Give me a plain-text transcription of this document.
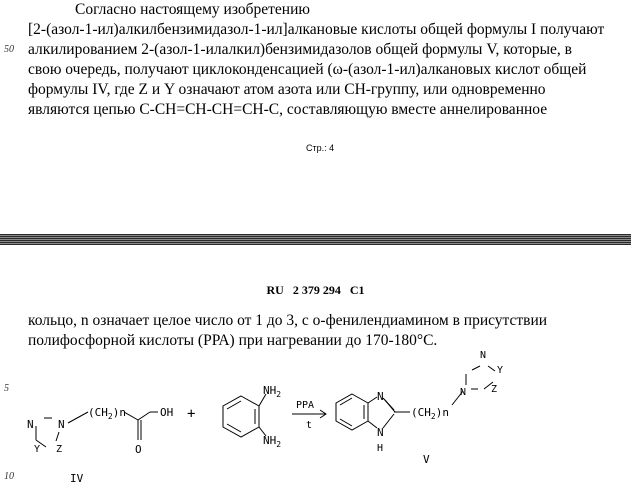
Согласно настоящему изобретению
[2-(азол-1-ил)алкилбензимидазол-1-ил]алкановые кислоты общей формулы I получают
алкилированием 2-(азол-1-илалкил)бензимидазолов общей формулы V, которые, в
свою очередь, получают циклоконденсацией (ω-(азол-1-ил)алкановых кислот общей
формулы IV, где Z и Y означают атом азота или СН-группу, или одновременно
являются цепью С-СН=СН-СН=СН-С, составляющую вместе аннелированное
50
Стр.: 4
RU 2 379 294 C1
кольцо, n означает целое число от 1 до 3, с о-фенилендиамином в присутствии
полифосфорной кислоты (РРА) при нагревании до 170-180°С.
5
10
N N
Y Z
$(CH_2)n$	OH
O
IV
+
$NH_2$
$NH_2$
PPA
t
N
N
H
$(CH_2)n$
N
N
Y
Z
V
